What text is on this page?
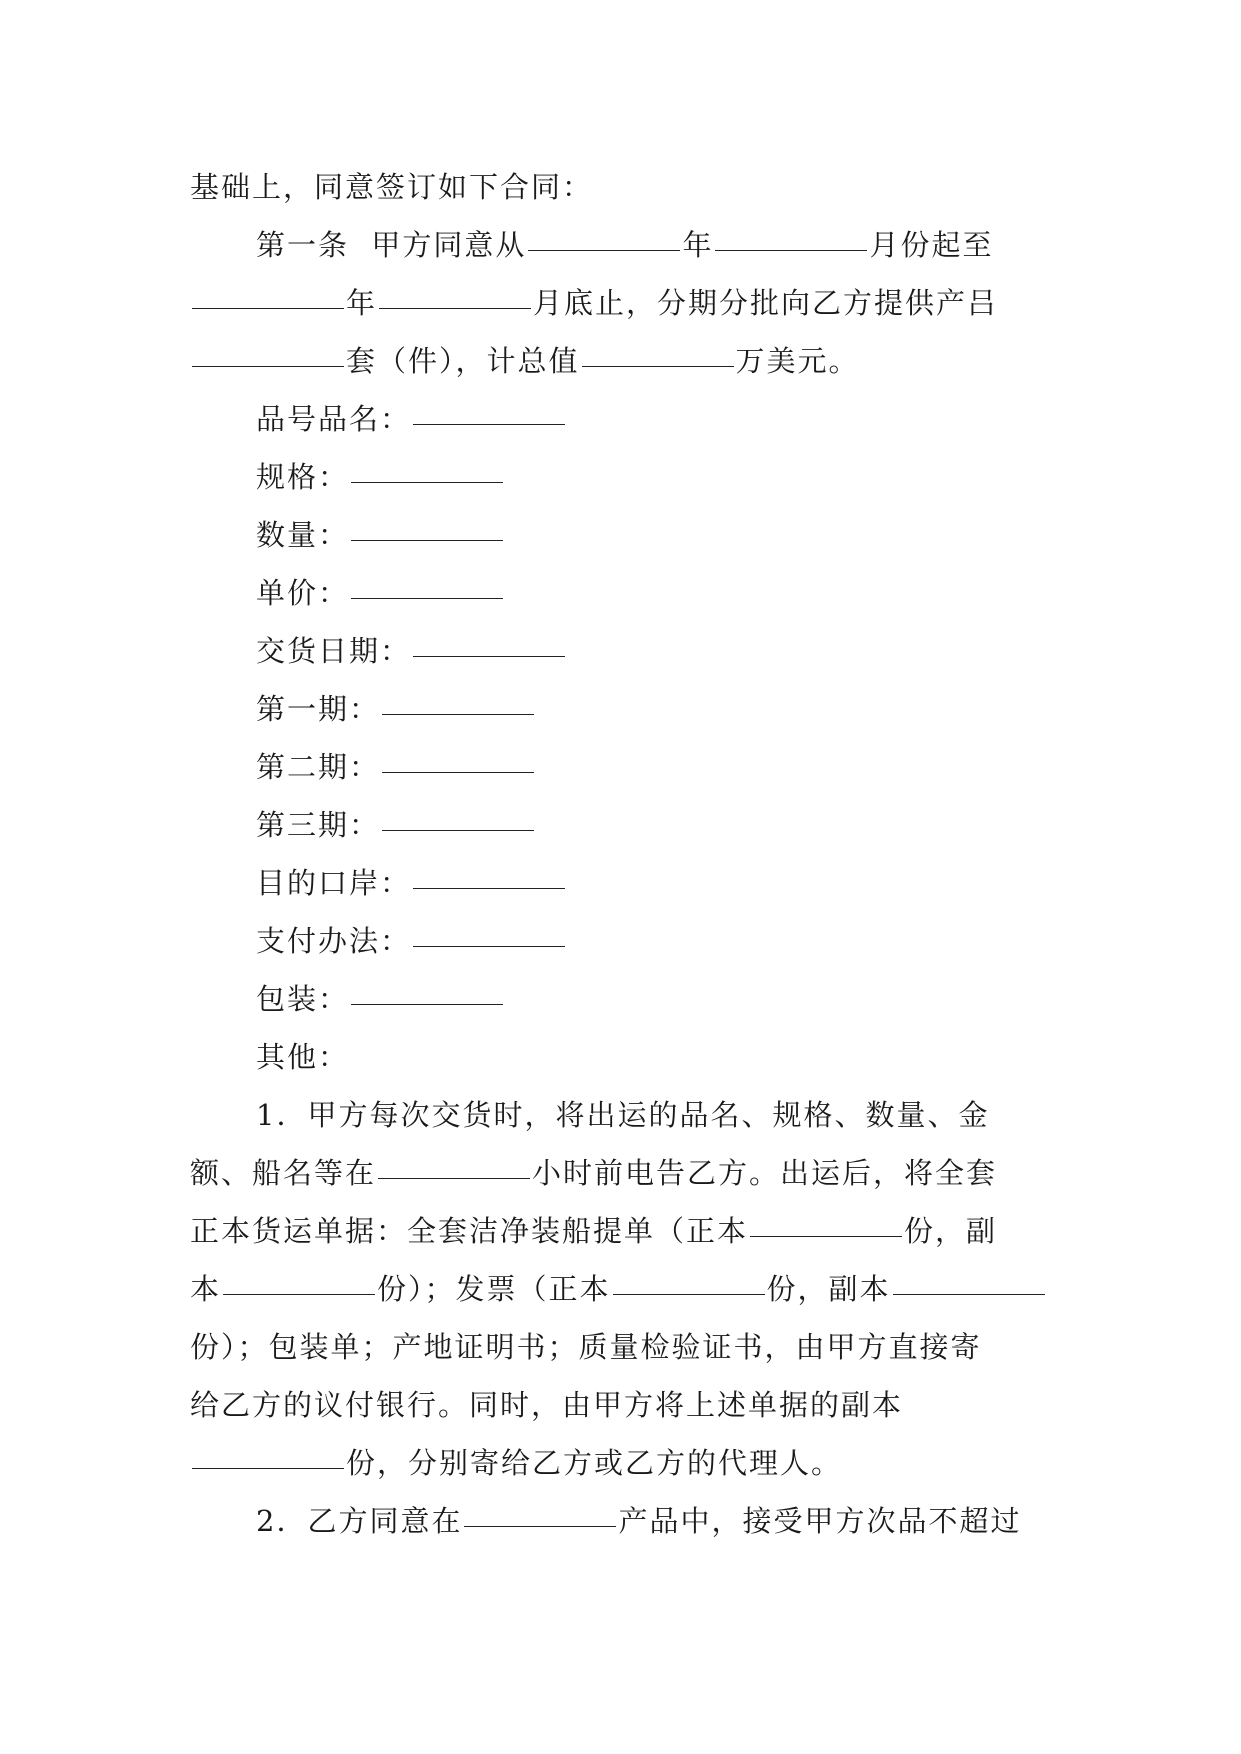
基础上，同意签订如下合同：
第一条  甲方同意从	年	月份起至
年	月底止，分期分批向乙方提供产吕
套（件），计总值	万美元。
品号品名：
规格：
数量：
单价：
交货日期：
第一期：
第二期：
第三期：
目的口岸：
支付办法：
包装：
其他：
1．甲方每次交货时，将出运的品名、规格、数量、金
额、船名等在	小时前电告乙方。出运后，将全套
正本货运单据：全套洁净装船提单（正本	份，副
本	份）；发票（正本	份，副本
份）；包装单；产地证明书；质量检验证书，由甲方直接寄
给乙方的议付银行。同时，由甲方将上述单据的副本
份，分别寄给乙方或乙方的代理人。
2．乙方同意在	产品中，接受甲方次品不超过
